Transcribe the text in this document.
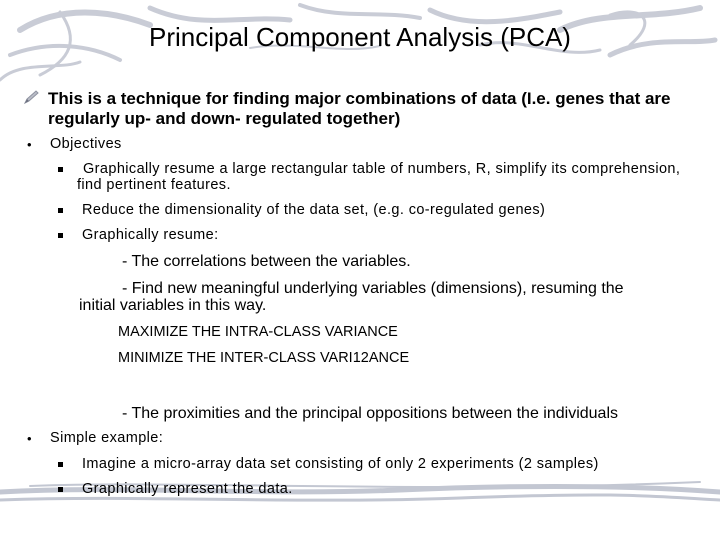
Principal Component Analysis (PCA)
This is a technique for finding major combinations of data (I.e. genes that are
regularly up- and down- regulated together)
• Objectives
Graphically resume a large rectangular table of numbers, R, simplify its comprehension,
find pertinent features.
Reduce the dimensionality of the data set, (e.g. co-regulated genes)
Graphically resume:
- The correlations between the variables.
- Find new meaningful underlying variables (dimensions), resuming the
initial variables in this way.
MAXIMIZE THE INTRA-CLASS VARIANCE
MINIMIZE THE INTER-CLASS VARI12ANCE
- The proximities and the principal oppositions between the individuals
• Simple example:
Imagine a micro-array data set consisting of only 2 experiments (2 samples)
Graphically represent the data.
